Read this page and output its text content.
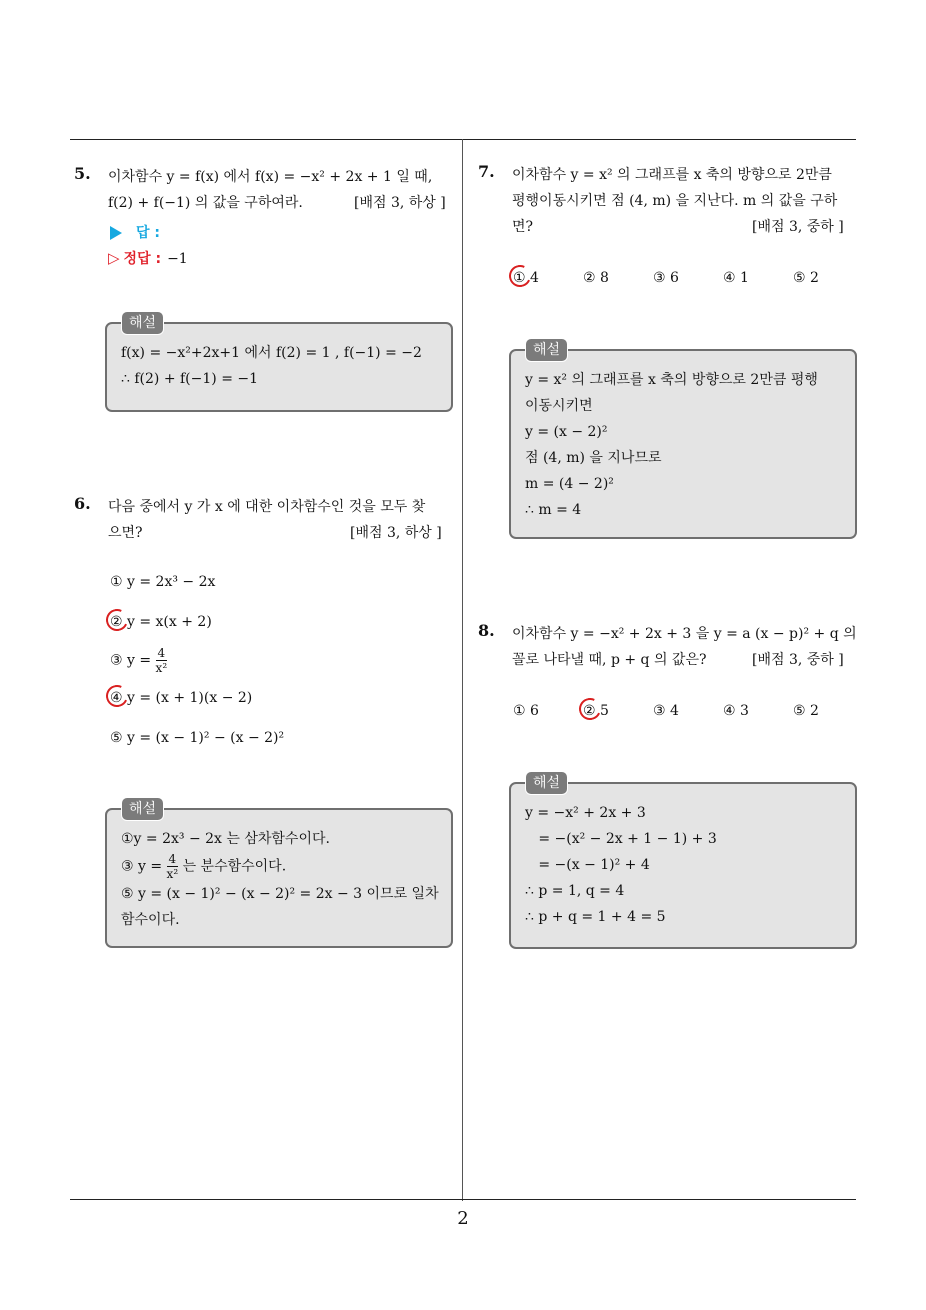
2
5. 이차함수 y = f(x) 에서 f(x) = −x² + 2x + 1 일 때,
f(2) + f(−1) 의 값을 구하여라.	[배점 3, 하상 ]
답 :
▷ 정답 : −1
해설
f(x) = −x²+2x+1 에서 f(2) = 1 , f(−1) = −2
∴ f(2) + f(−1) = −1
6. 다음 중에서 y 가 x 에 대한 이차함수인 것을 모두 찾
으면?	[배점 3, 하상 ]
① y = 2x³ − 2x
② y = x(x + 2)
③ $y = \frac{4}{\text{x²}}$
④ y = (x + 1)(x − 2)
⑤ y = (x − 1)² − (x − 2)²
해설
①y = 2x³ − 2x 는 삼차함수이다.
③ $y = \frac{4}{\text{x²}}$ 는 분수함수이다.
⑤ y = (x − 1)² − (x − 2)² = 2x − 3 이므로 일차
함수이다.
7. 이차함수 y = x² 의 그래프를 x 축의 방향으로 2만큼
평행이동시키면 점 (4, m) 을 지난다. m 의 값을 구하
면?	[배점 3, 중하 ]
① 4	② 8	③ 6	④ 1	⑤ 2
해설
y = x² 의 그래프를 x 축의 방향으로 2만큼 평행
이동시키면
y = (x − 2)²
점 (4, m) 을 지나므로
m = (4 − 2)²
∴ m = 4
8. 이차함수 y = −x² + 2x + 3 을 y = a (x − p)² + q 의
꼴로 나타낼 때, p + q 의 값은?	[배점 3, 중하 ]
① 6	② 5	③ 4	④ 3	⑤ 2
해설
y = −x² + 2x + 3
= −(x² − 2x + 1 − 1) + 3
= −(x − 1)² + 4
∴ p = 1, q = 4
∴ p + q = 1 + 4 = 5
